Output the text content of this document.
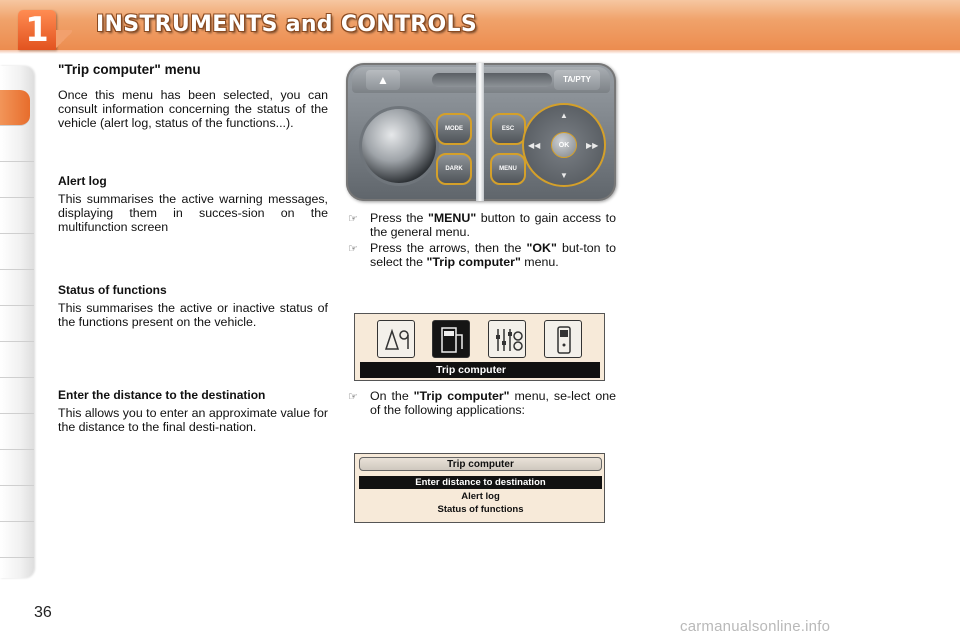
1	INSTRUMENTS and CONTROLS
"Trip computer" menu
Once this menu has been selected, you can consult information concerning the status of the vehicle (alert log, status of the functions...).
Alert log
This summarises the active warning messages, displaying them in succes-sion on the multifunction screen
Status of functions
This summarises the active or inactive status of the functions present on the vehicle.
Enter the distance to the destination
This allows you to enter an approximate value for the distance to the final desti-nation.
▲	TA/PTY
MODE
DARK
ESC
MENU
▲
▼
◀◀	▶▶
OK
☞ Press the "MENU" button to gain access to the general menu.
☞ Press the arrows, then the "OK" but-ton to select the "Trip computer" menu.
Trip computer
☞ On the "Trip computer" menu, se-lect one of the following applications:
Trip computer
Enter distance to destination
Alert log
Status of functions
36
carmanualsonline.info
